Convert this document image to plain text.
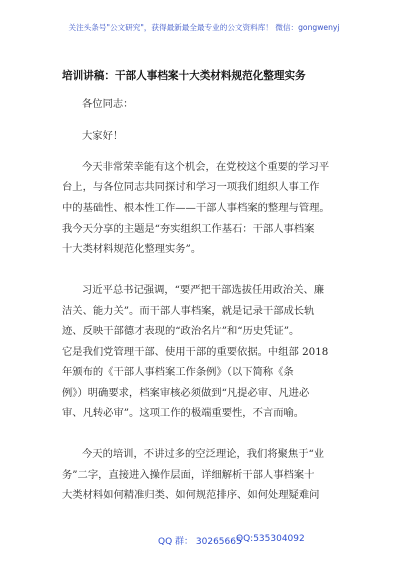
关注头条号"公文研究"，获得最新最全最专业的公文资料库！ 微信：gongwenyj
培训讲稿：干部人事档案十大类材料规范化整理实务
各位同志：
大家好！
今天非常荣幸能有这个机会，在党校这个重要的学习平
台上，与各位同志共同探讨和学习一项我们组织人事工作
中的基础性、根本性工作——干部人事档案的整理与管理。
我今天分享的主题是“夯实组织工作基石：干部人事档案
十大类材料规范化整理实务”。
习近平总书记强调，“要严把干部选拔任用政治关、廉
洁关、能力关”。而干部人事档案，就是记录干部成长轨
迹、反映干部德才表现的“政治名片”和“历史凭证”。
它是我们党管理干部、使用干部的重要依据。中组部 2018
年颁布的《干部人事档案工作条例》（以下简称《条
例》）明确要求，档案审核必须做到“凡提必审、凡进必
审、凡转必审”。这项工作的极端重要性，不言而喻。
今天的培训，不讲过多的空泛理论，我们将聚焦于“业
务”二字，直接进入操作层面，详细解析干部人事档案十
大类材料如何精准归类、如何规范排序、如何处理疑难问
QQ 群： 30265665
QQ:535304092
